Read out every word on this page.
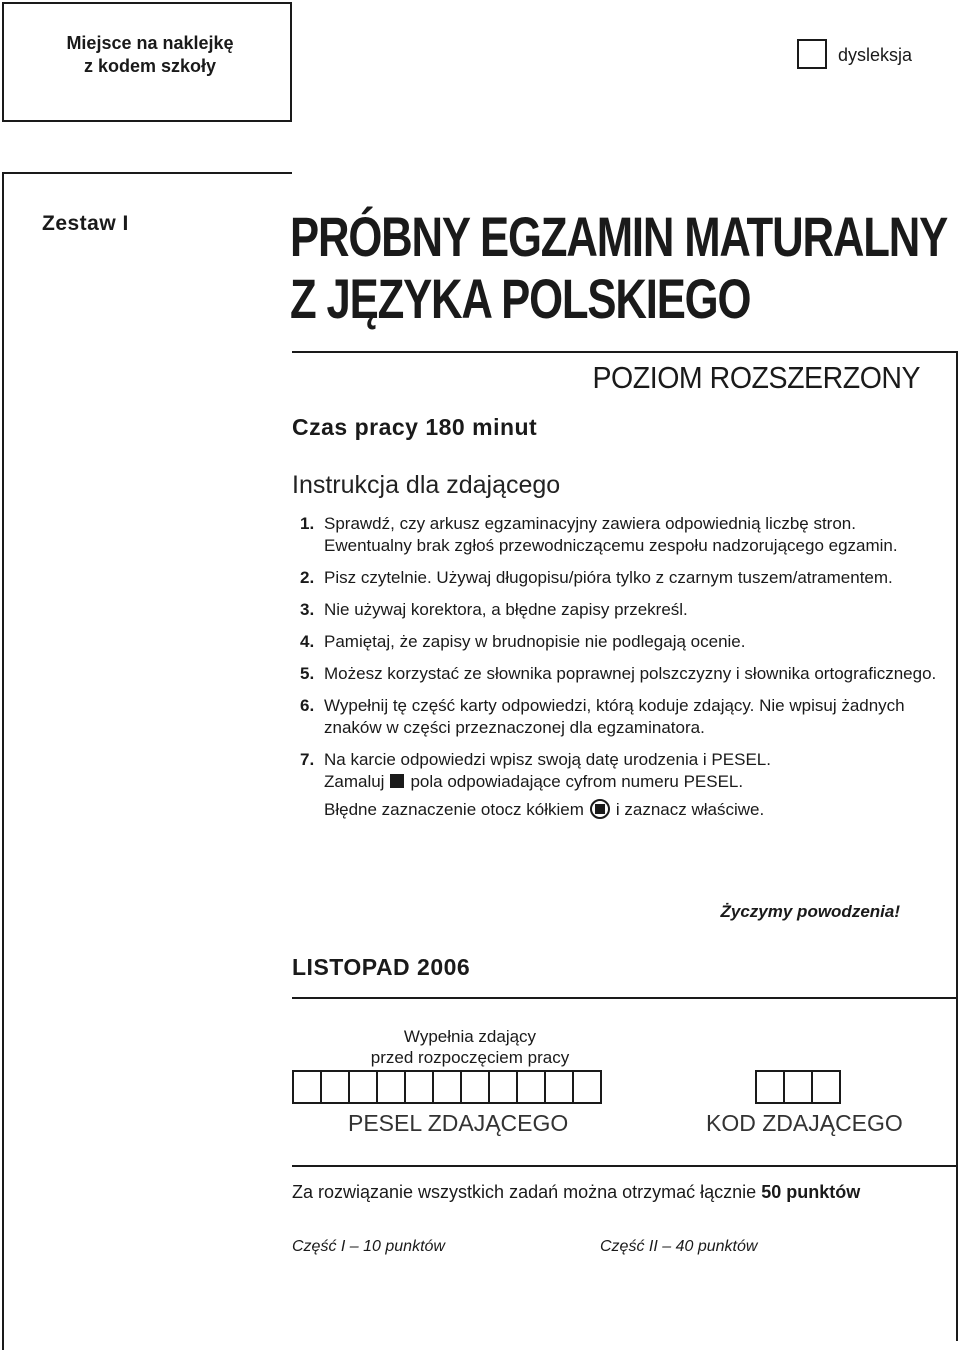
Miejsce na naklejkę
z kodem szkoły
dysleksja
Zestaw I	PRÓBNY EGZAMIN MATURALNY
Z JĘZYKA POLSKIEGO
POZIOM ROZSZERZONY
Czas pracy 180 minut
Instrukcja dla zdającego
1. Sprawdź, czy arkusz egzaminacyjny zawiera odpowiednią liczbę stron. Ewentualny brak zgłoś przewodniczącemu zespołu nadzorującego egzamin.
2. Pisz czytelnie. Używaj długopisu/pióra tylko z czarnym tuszem/atramentem.
3. Nie używaj korektora, a błędne zapisy przekreśl.
4. Pamiętaj, że zapisy w brudnopisie nie podlegają ocenie.
5. Możesz korzystać ze słownika poprawnej polszczyzny i słownika ortograficznego.
6. Wypełnij tę część karty odpowiedzi, którą koduje zdający. Nie wpisuj żadnych znaków w części przeznaczonej dla egzaminatora.
7. Na karcie odpowiedzi wpisz swoją datę urodzenia i PESEL.
Zamaluj pola odpowiadające cyfrom numeru PESEL.
Błędne zaznaczenie otocz kółkiem i zaznacz właściwe.
Życzymy powodzenia!
LISTOPAD 2006
Wypełnia zdający
przed rozpoczęciem pracy
PESEL ZDAJĄCEGO	KOD ZDAJĄCEGO
Za rozwiązanie wszystkich zadań można otrzymać łącznie 50 punktów
Część I – 10 punktów	Część II – 40 punktów
